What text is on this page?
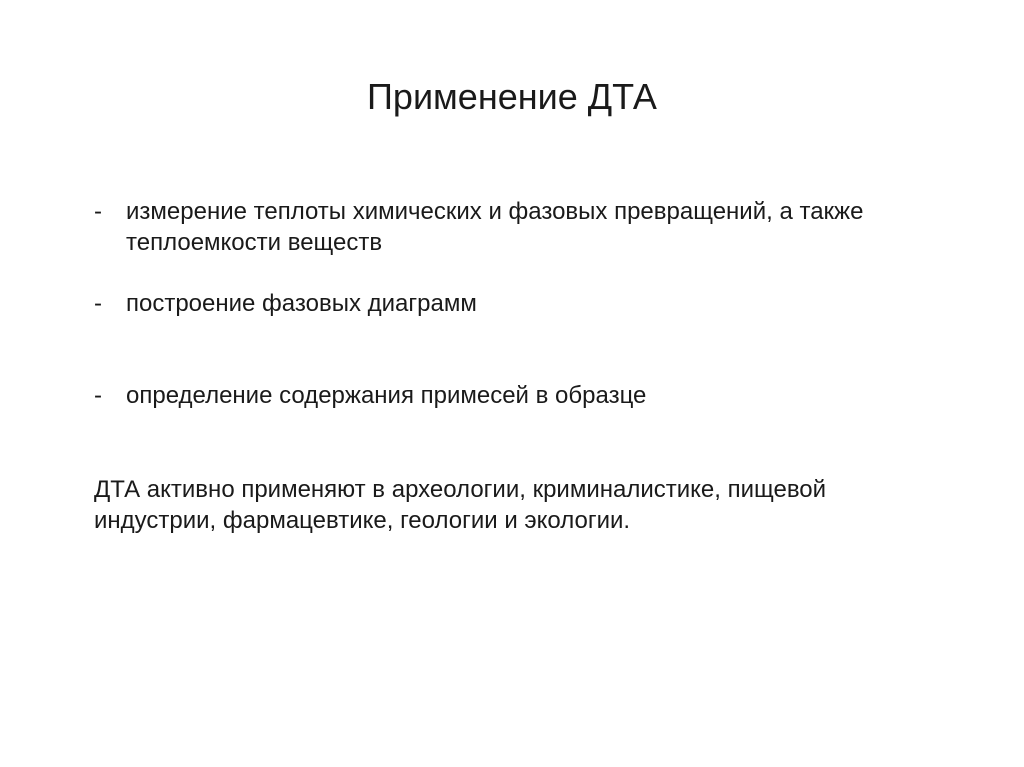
Применение ДТА
- измерение теплоты химических и фазовых превращений, а также теплоемкости веществ
- построение фазовых диаграмм
- определение содержания примесей в образце
ДТА активно применяют в археологии, криминалистике, пищевой индустрии, фармацевтике, геологии и экологии.
